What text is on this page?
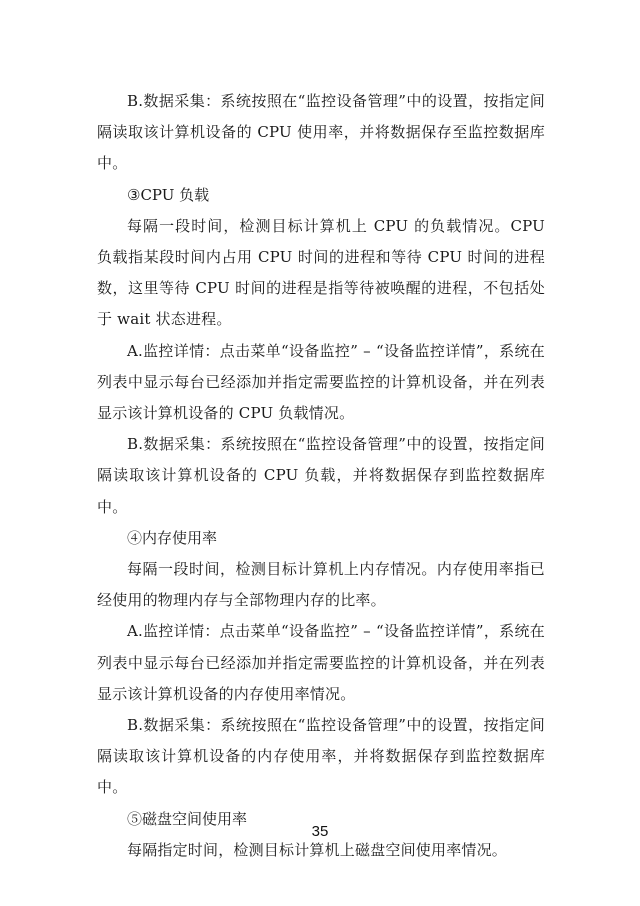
B.数据采集：系统按照在“监控设备管理”中的设置，按指定间隔读取该计算机设备的 CPU 使用率，并将数据保存至监控数据库中。

③CPU 负载

每隔一段时间，检测目标计算机上 CPU 的负载情况。CPU 负载指某段时间内占用 CPU 时间的进程和等待 CPU 时间的进程数，这里等待 CPU 时间的进程是指等待被唤醒的进程，不包括处于 wait 状态进程。

A.监控详情：点击菜单“设备监控” – “设备监控详情”，系统在列表中显示每台已经添加并指定需要监控的计算机设备，并在列表显示该计算机设备的 CPU 负载情况。

B.数据采集：系统按照在“监控设备管理”中的设置，按指定间隔读取该计算机设备的 CPU 负载，并将数据保存到监控数据库中。

④内存使用率

每隔一段时间，检测目标计算机上内存情况。内存使用率指已经使用的物理内存与全部物理内存的比率。

A.监控详情：点击菜单“设备监控” – “设备监控详情”，系统在列表中显示每台已经添加并指定需要监控的计算机设备，并在列表显示该计算机设备的内存使用率情况。

B.数据采集：系统按照在“监控设备管理”中的设置，按指定间隔读取该计算机设备的内存使用率，并将数据保存到监控数据库中。

⑤磁盘空间使用率

每隔指定时间，检测目标计算机上磁盘空间使用率情况。

35
